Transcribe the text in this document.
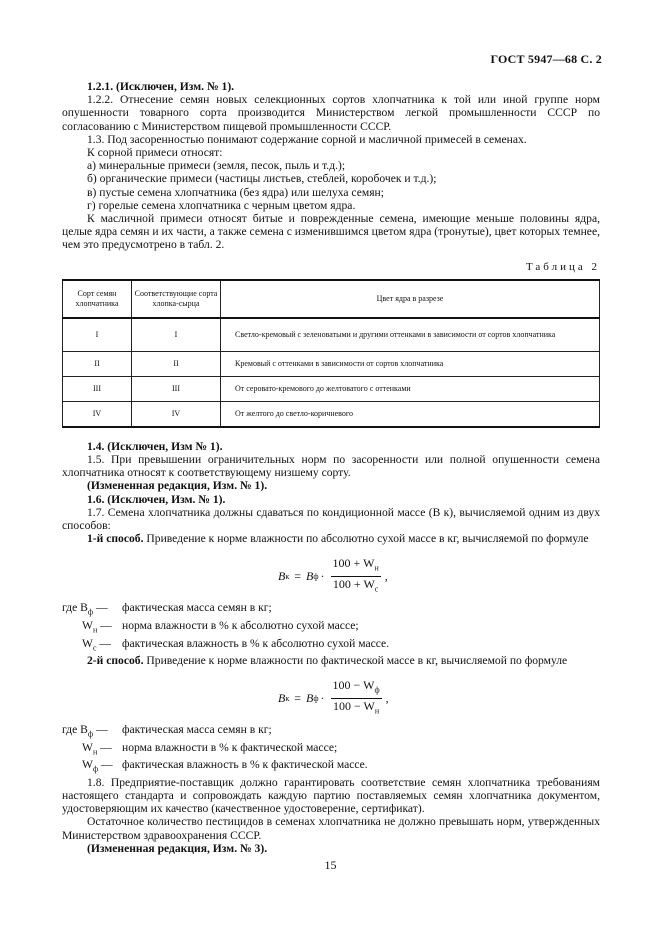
ГОСТ 5947—68 С. 2

1.2.1. (Исключен, Изм. № 1).

1.2.2. Отнесение семян новых селекционных сортов хлопчатника к той или иной группе норм опушенности товарного сорта производится Министерством легкой промышленности СССР по согласованию с Министерством пищевой промышленности СССР.

1.3. Под засоренностью понимают содержание сорной и масличной примесей в семенах.

К сорной примеси относят:

а) минеральные примеси (земля, песок, пыль и т.д.);

б) органические примеси (частицы листьев, стеблей, коробочек и т.д.);

в) пустые семена хлопчатника (без ядра) или шелуха семян;

г) горелые семена хлопчатника с черным цветом ядра.

К масличной примеси относят битые и поврежденные семена, имеющие меньше половины ядра, целые ядра семян и их части, а также семена с изменившимся цветом ядра (тронутые), цвет которых темнее, чем это предусмотрено в табл. 2.

Таблица 2
Сорт семян хлопчатника	Соответствующие сорта хлопка-сырца	Цвет ядра в разрезе
I	I	Светло-кремовый с зеленоватыми и другими оттенками в зависимости от сортов хлопчатника
II	II	Кремовый с оттенками в зависимости от сортов хлопчатника
III	III	От серовато-кремового до желтоватого с оттенками
IV	IV	От желтого до светло-коричневого

1.4. (Исключен, Изм № 1).

1.5. При превышении ограничительных норм по засоренности или полной опушенности семена хлопчатника относят к соответствующему низшему сорту.

(Измененная редакция, Изм. № 1).

1.6. (Исключен, Изм. № 1).

1.7. Семена хлопчатника должны сдаваться по кондиционной массе (B к), вычисляемой одним из двух способов:

1-й способ. Приведение к норме влажности по абсолютно сухой массе в кг, вычисляемой по формуле

B к = B $ф \cdot \frac{100 + W_н}{100 + W_с}$ ,
где $B_ф$ —	фактическая масса семян в кг;
$W_н$ — норма влажности в % к абсолютно сухой массе;
$W_с$ — фактическая влажность в % к абсолютно сухой массе.

2-й способ. Приведение к норме влажности по фактической массе в кг, вычисляемой по формуле

B к = B $ф \cdot \frac{100 - W_ф}{100 - W_н}$ ,
где $B_ф$ —	фактическая масса семян в кг;
$W_н$ — норма влажности в % к фактической массе;
$W_ф$ — фактическая влажность в % к фактической массе.

1.8. Предприятие-поставщик должно гарантировать соответствие семян хлопчатника требованиям настоящего стандарта и сопровождать каждую партию поставляемых семян хлопчатника документом, удостоверяющим их качество (качественное удостоверение, сертификат).

Остаточное количество пестицидов в семенах хлопчатника не должно превышать норм, утвержденных Министерством здравоохранения СССР.

(Измененная редакция, Изм. № 3).

15
